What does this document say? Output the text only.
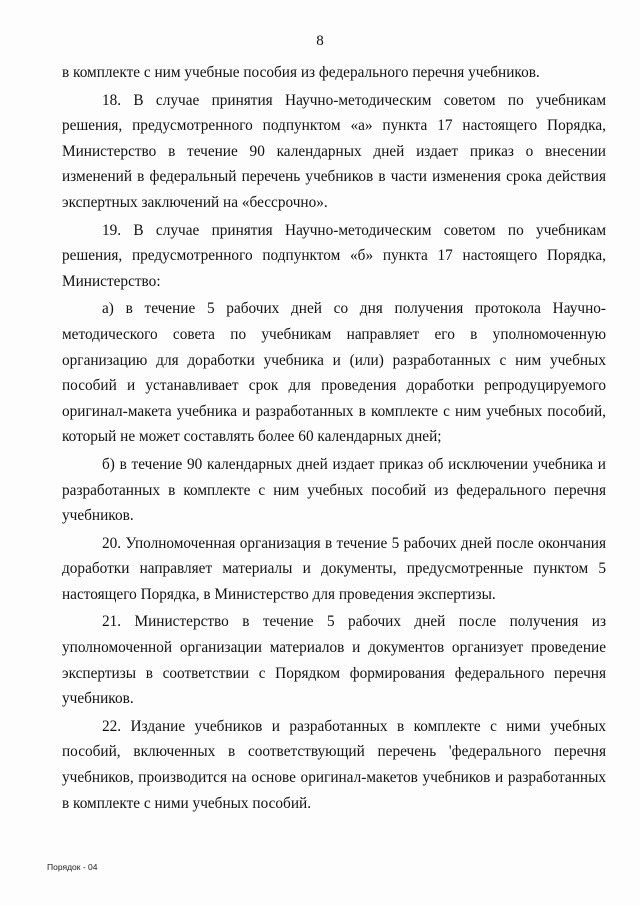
8

в комплекте с ним учебные пособия из федерального перечня учебников.

18. В случае принятия Научно-методическим советом по учебникам решения, предусмотренного подпунктом «а» пункта 17 настоящего Порядка, Министерство в течение 90 календарных дней издает приказ о внесении изменений в федеральный перечень учебников в части изменения срока действия экспертных заключений на «бессрочно».

19. В случае принятия Научно-методическим советом по учебникам решения, предусмотренного подпунктом «б» пункта 17 настоящего Порядка, Министерство:

а) в течение 5 рабочих дней со дня получения протокола Научно-методического совета по учебникам направляет его в уполномоченную организацию для доработки учебника и (или) разработанных с ним учебных пособий и устанавливает срок для проведения доработки репродуцируемого оригинал-макета учебника и разработанных в комплекте с ним учебных пособий, который не может составлять более 60 календарных дней;

б) в течение 90 календарных дней издает приказ об исключении учебника и разработанных в комплекте с ним учебных пособий из федерального перечня учебников.

20. Уполномоченная организация в течение 5 рабочих дней после окончания доработки направляет материалы и документы, предусмотренные пунктом 5 настоящего Порядка, в Министерство для проведения экспертизы.

21. Министерство в течение 5 рабочих дней после получения из уполномоченной организации материалов и документов организует проведение экспертизы в соответствии с Порядком формирования федерального перечня учебников.

22. Издание учебников и разработанных в комплекте с ними учебных пособий, включенных в соответствующий перечень 'федерального перечня учебников, производится на основе оригинал-макетов учебников и разработанных в комплекте с ними учебных пособий.

Порядок - 04
